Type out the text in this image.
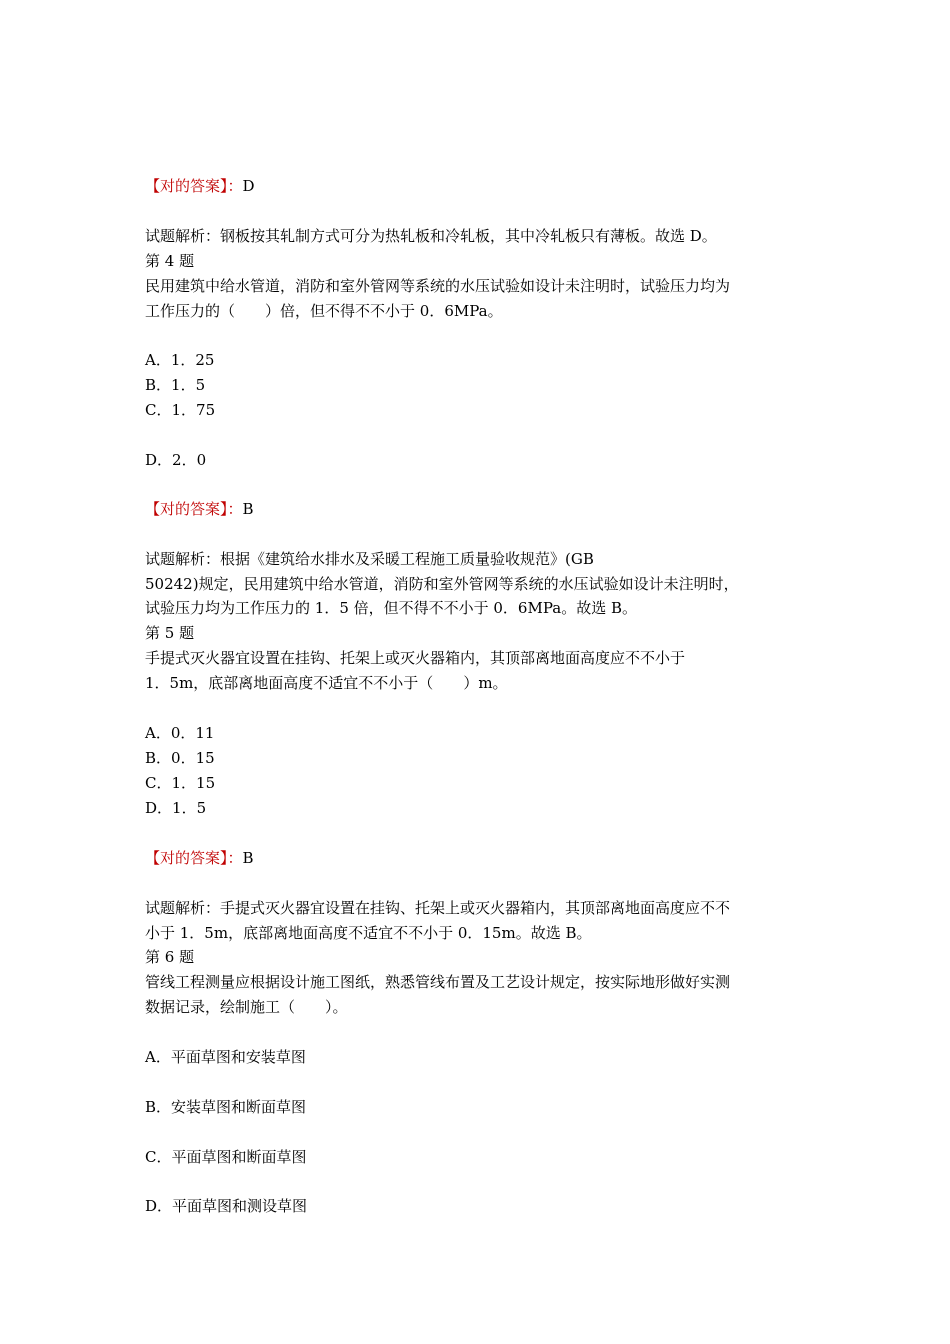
【对的答案】：D
试题解析：钢板按其轧制方式可分为热轧板和冷轧板，其中冷轧板只有薄板。故选 D。
第 4 题
民用建筑中给水管道，消防和室外管网等系统的水压试验如设计未注明时，试验压力均为
工作压力的（　　）倍，但不得不不小于 0．6MPa。
A．1．25
B．1．5
C．1．75
D．2．0
【对的答案】：B
试题解析：根据《建筑给水排水及采暖工程施工质量验收规范》(GB
50242)规定，民用建筑中给水管道，消防和室外管网等系统的水压试验如设计未注明时，
试验压力均为工作压力的 1．5 倍，但不得不不小于 0．6MPa。故选 B。
第 5 题
手提式灭火器宜设置在挂钩、托架上或灭火器箱内，其顶部离地面高度应不不小于
1．5m，底部离地面高度不适宜不不小于（　　）m。
A．0．11
B．0．15
C．1．15
D．1．5
【对的答案】：B
试题解析：手提式灭火器宜设置在挂钩、托架上或灭火器箱内，其顶部离地面高度应不不
小于 1．5m，底部离地面高度不适宜不不小于 0．15m。故选 B。
第 6 题
管线工程测量应根据设计施工图纸，熟悉管线布置及工艺设计规定，按实际地形做好实测
数据记录，绘制施工（　　）。
A．平面草图和安装草图
B．安装草图和断面草图
C．平面草图和断面草图
D．平面草图和测设草图
